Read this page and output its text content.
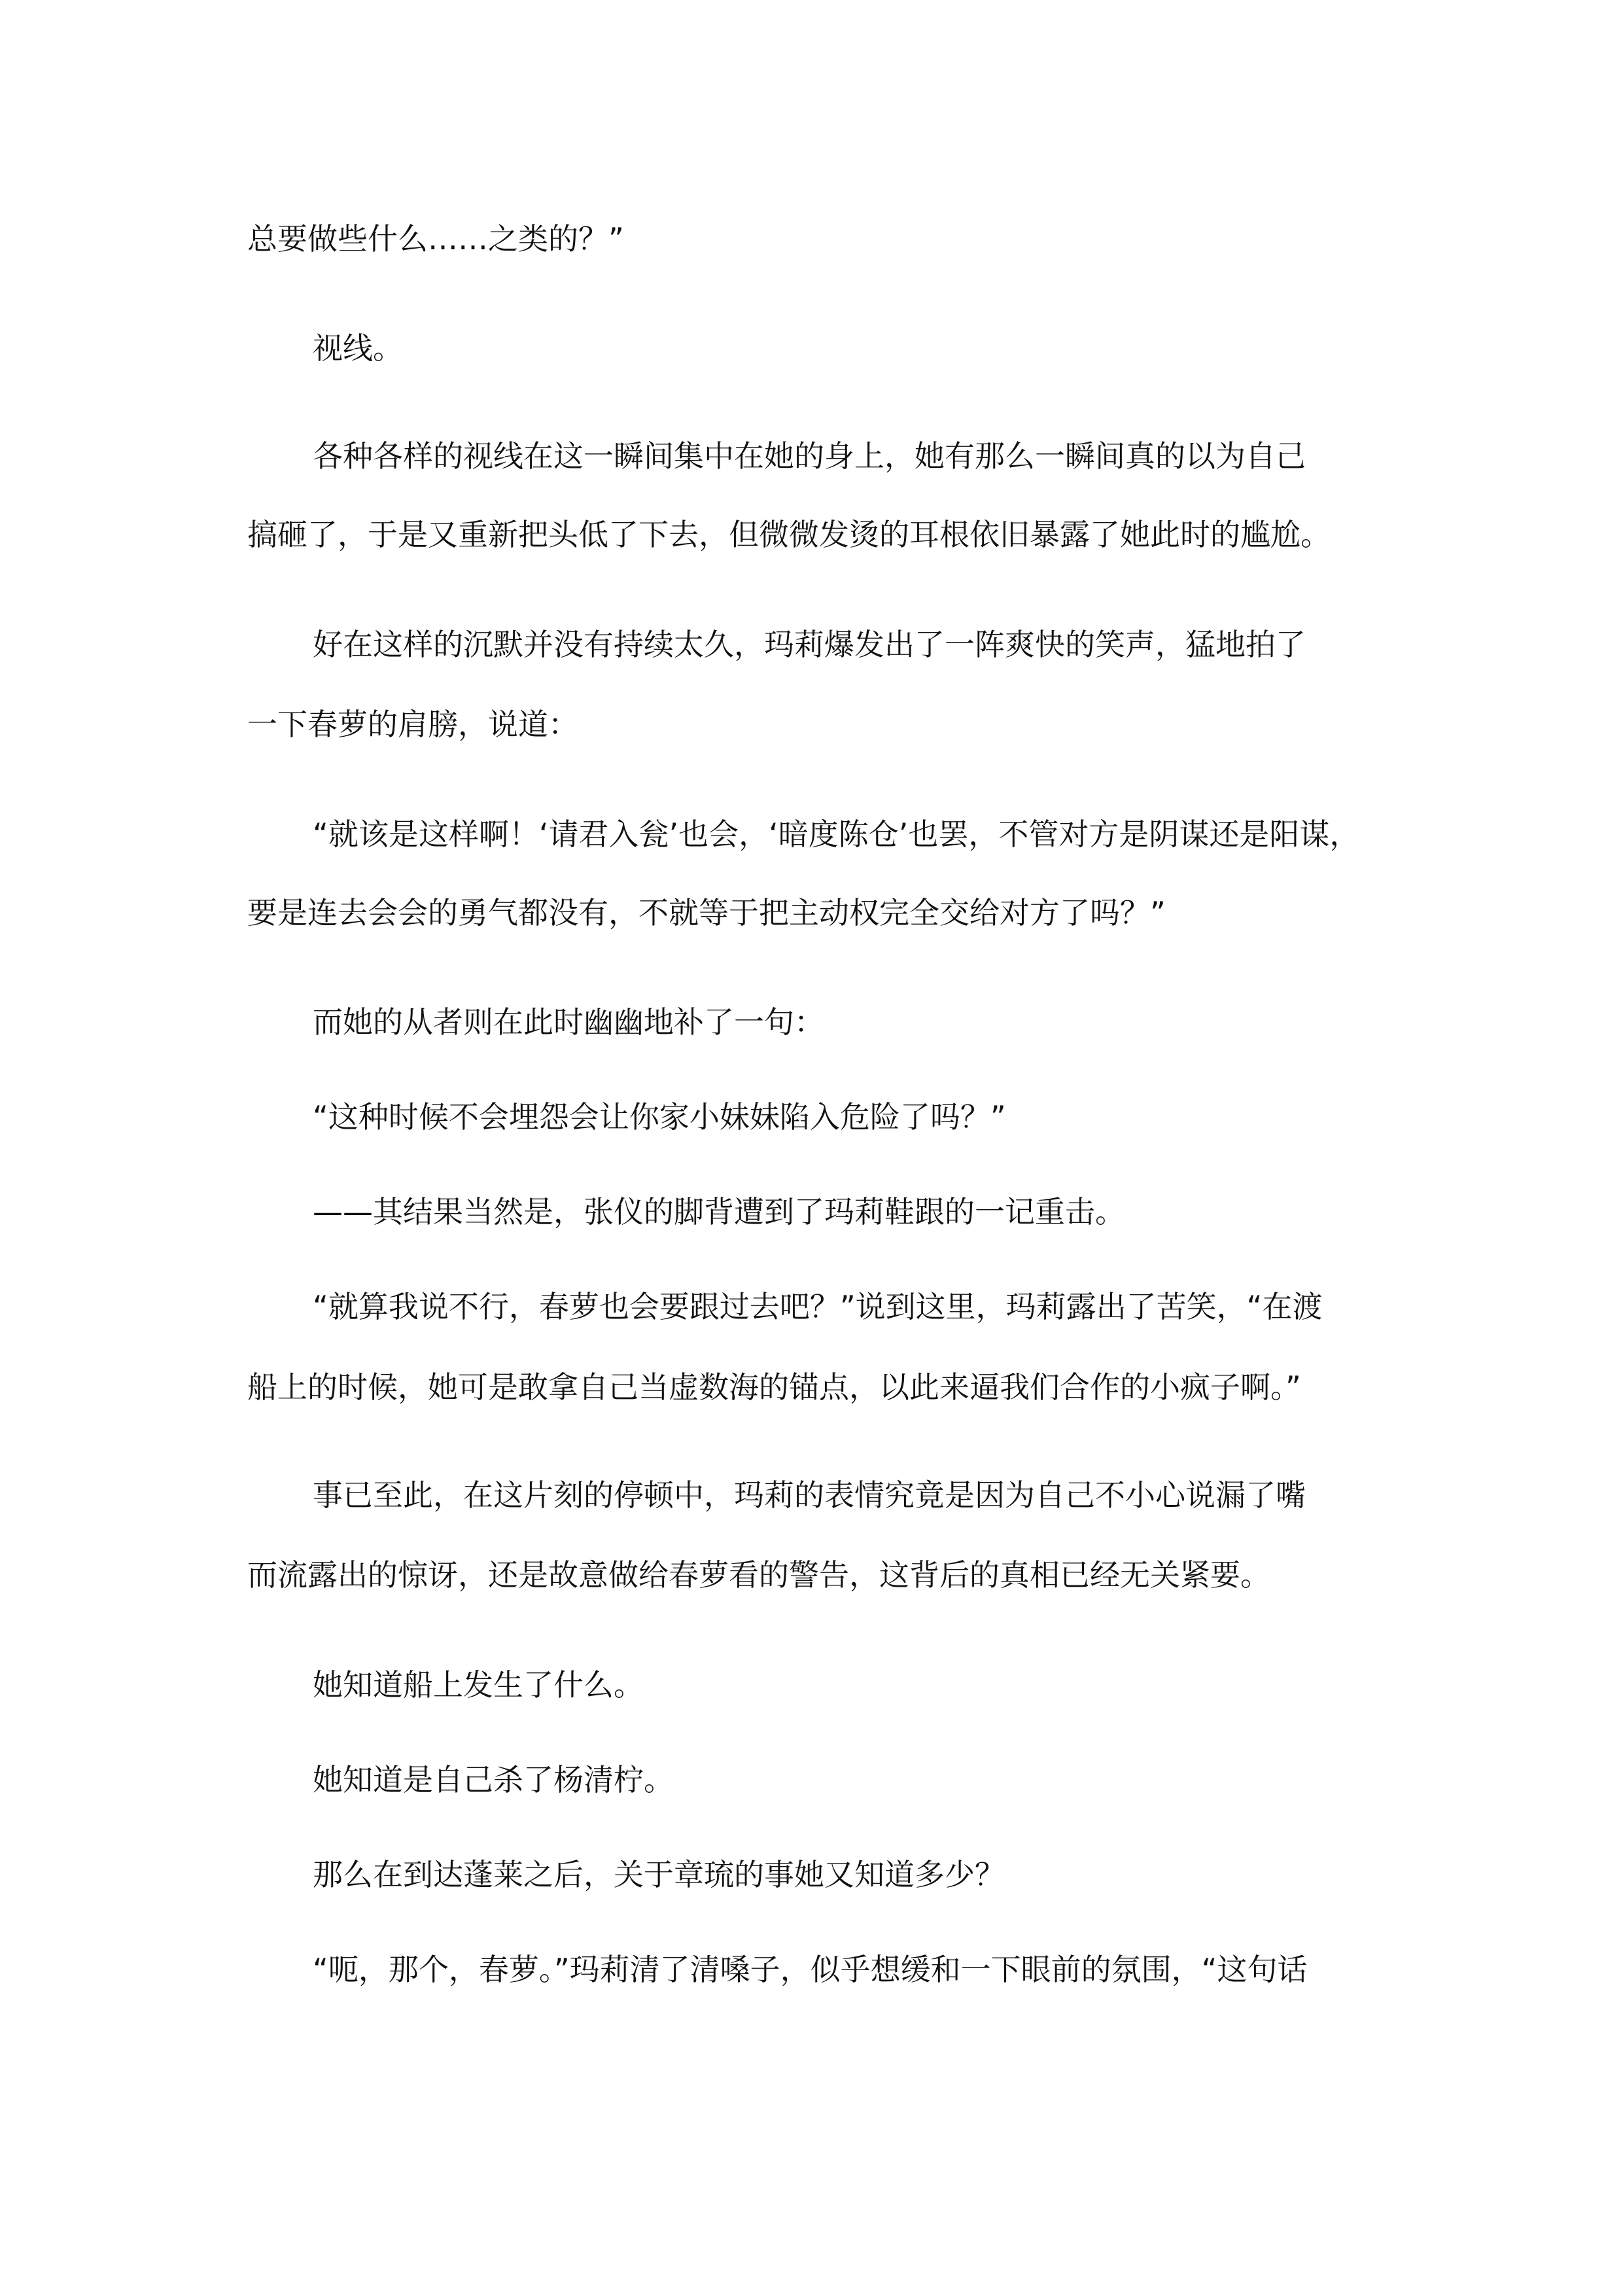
总要做些什么……之类的？”

视线。

各种各样的视线在这一瞬间集中在她的身上，她有那么一瞬间真的以为自己

搞砸了，于是又重新把头低了下去，但微微发烫的耳根依旧暴露了她此时的尴尬。

好在这样的沉默并没有持续太久，玛莉爆发出了一阵爽快的笑声，猛地拍了

一下春萝的肩膀，说道：

“就该是这样啊！‘请君入瓮’也会，‘暗度陈仓’也罢，不管对方是阴谋还是阳谋，

要是连去会会的勇气都没有，不就等于把主动权完全交给对方了吗？”

而她的从者则在此时幽幽地补了一句：

“这种时候不会埋怨会让你家小妹妹陷入危险了吗？”

——其结果当然是，张仪的脚背遭到了玛莉鞋跟的一记重击。

“就算我说不行，春萝也会要跟过去吧？”说到这里，玛莉露出了苦笑，“在渡

船上的时候，她可是敢拿自己当虚数海的锚点，以此来逼我们合作的小疯子啊。”

事已至此，在这片刻的停顿中，玛莉的表情究竟是因为自己不小心说漏了嘴

而流露出的惊讶，还是故意做给春萝看的警告，这背后的真相已经无关紧要。

她知道船上发生了什么。

她知道是自己杀了杨清柠。

那么在到达蓬莱之后，关于章琉的事她又知道多少？

“呃，那个，春萝。”玛莉清了清嗓子，似乎想缓和一下眼前的氛围，“这句话
